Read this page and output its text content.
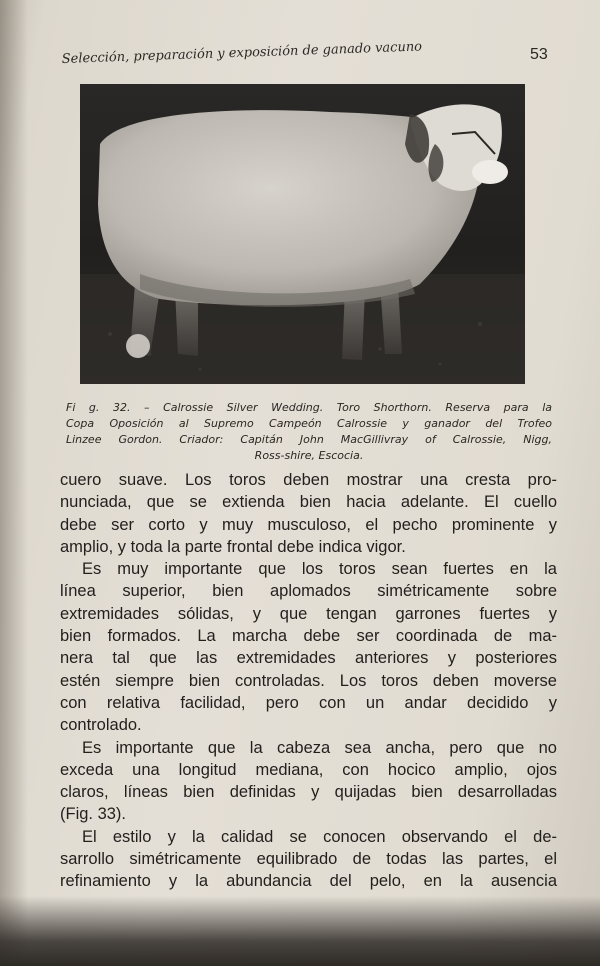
Selección, preparación y exposición de ganado vacuno	53
Fi g. 32. – Calrossie Silver Wedding. Toro Shorthorn. Reserva para la
Copa Oposición al Supremo Campeón Calrossie y ganador del Trofeo
Linzee Gordon. Criador: Capitán John MacGillivray of Calrossie, Nigg,
Ross-shire, Escocia.
cuero suave. Los toros deben mostrar una cresta pro-
nunciada, que se extienda bien hacia adelante. El cuello
debe ser corto y muy musculoso, el pecho prominente y
amplio, y toda la parte frontal debe indica vigor.
Es muy importante que los toros sean fuertes en la
línea superior, bien aplomados simétricamente sobre
extremidades sólidas, y que tengan garrones fuertes y
bien formados. La marcha debe ser coordinada de ma-
nera tal que las extremidades anteriores y posteriores
estén siempre bien controladas. Los toros deben moverse
con relativa facilidad, pero con un andar decidido y
controlado.
Es importante que la cabeza sea ancha, pero que no
exceda una longitud mediana, con hocico amplio, ojos
claros, líneas bien definidas y quijadas bien desarrolladas
(Fig. 33).
El estilo y la calidad se conocen observando el de-
sarrollo simétricamente equilibrado de todas las partes, el
refinamiento y la abundancia del pelo, en la ausencia
